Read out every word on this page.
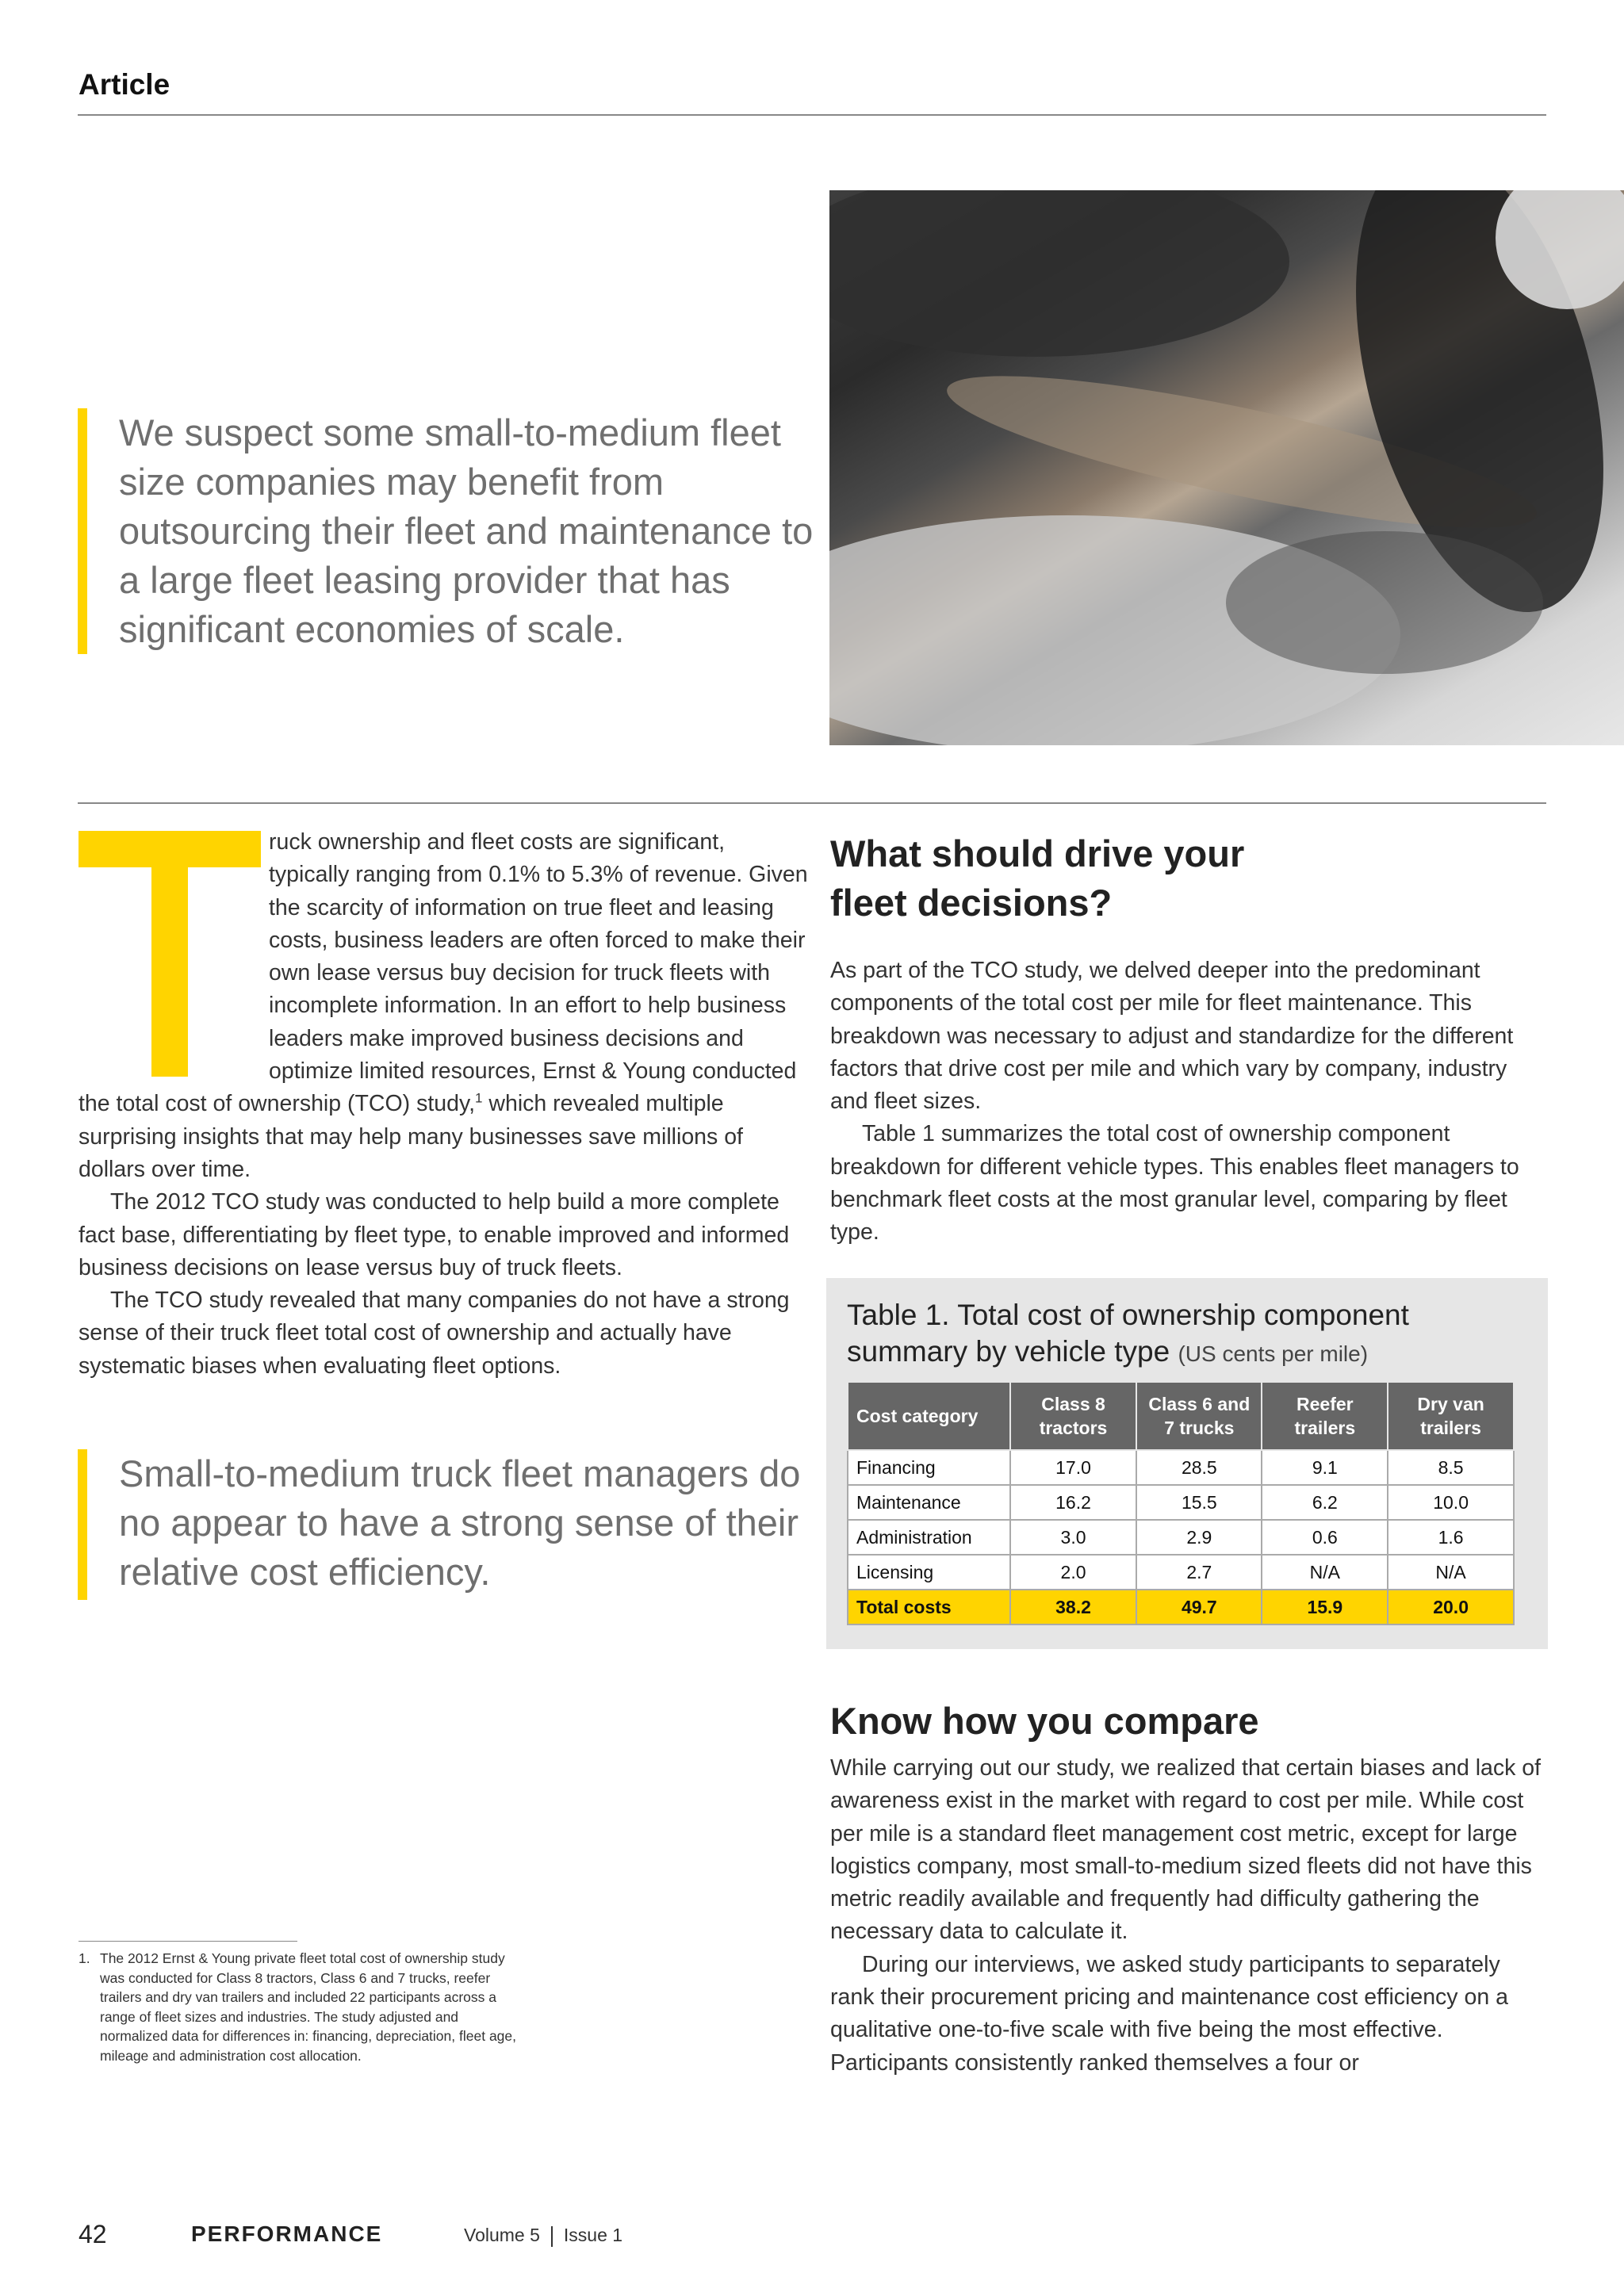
Article
We suspect some small-to-medium fleet size companies may benefit from outsourcing their fleet and maintenance to a large fleet leasing provider that has significant economies of scale.

ruck ownership and fleet costs are significant, typically ranging from 0.1% to 5.3% of revenue. Given the scarcity of information on true fleet and leasing costs, business leaders are often forced to make their own lease versus buy decision for truck fleets with incomplete information. In an effort to help business leaders make improved business decisions and optimize limited resources, Ernst & Young conducted the total cost of ownership (TCO) study,$^1$ which revealed multiple surprising insights that may help many businesses save millions of dollars over time.

The 2012 TCO study was conducted to help build a more complete fact base, differentiating by fleet type, to enable improved and informed business decisions on lease versus buy of truck fleets.

The TCO study revealed that many companies do not have a strong sense of their truck fleet total cost of ownership and actually have systematic biases when evaluating fleet options.

Small-to-medium truck fleet managers do no appear to have a strong sense of their relative cost efficiency.
What should drive your fleet decisions?

As part of the TCO study, we delved deeper into the predominant components of the total cost per mile for fleet maintenance. This breakdown was necessary to adjust and standardize for the different factors that drive cost per mile and which vary by company, industry and fleet sizes.

Table 1 summarizes the total cost of ownership component breakdown for different vehicle types. This enables fleet managers to benchmark fleet costs at the most granular level, comparing by fleet type.

Table 1. Total cost of ownership component summary by vehicle type (US cents per mile)
Cost category	Class 8 tractors	Class 6 and 7 trucks	Reefer trailers	Dry van trailers
Financing	17.0	28.5	9.1	8.5
Maintenance	16.2	15.5	6.2	10.0
Administration	3.0	2.9	0.6	1.6
Licensing	2.0	2.7	N/A	N/A
Total costs	38.2	49.7	15.9	20.0
Know how you compare

While carrying out our study, we realized that certain biases and lack of awareness exist in the market with regard to cost per mile. While cost per mile is a standard fleet management cost metric, except for large logistics company, most small-to-medium sized fleets did not have this metric readily available and frequently had difficulty gathering the necessary data to calculate it.

During our interviews, we asked study participants to separately rank their procurement pricing and maintenance cost efficiency on a qualitative one-to-five scale with five being the most effective. Participants consistently ranked themselves a four or

1. The 2012 Ernst & Young private fleet total cost of ownership study was conducted for Class 8 tractors, Class 6 and 7 trucks, reefer trailers and dry van trailers and included 22 participants across a range of fleet sizes and industries. The study adjusted and normalized data for differences in: financing, depreciation, fleet age, mileage and administration cost allocation.
42	PERFORMANCE	Volume 5 Issue 1
